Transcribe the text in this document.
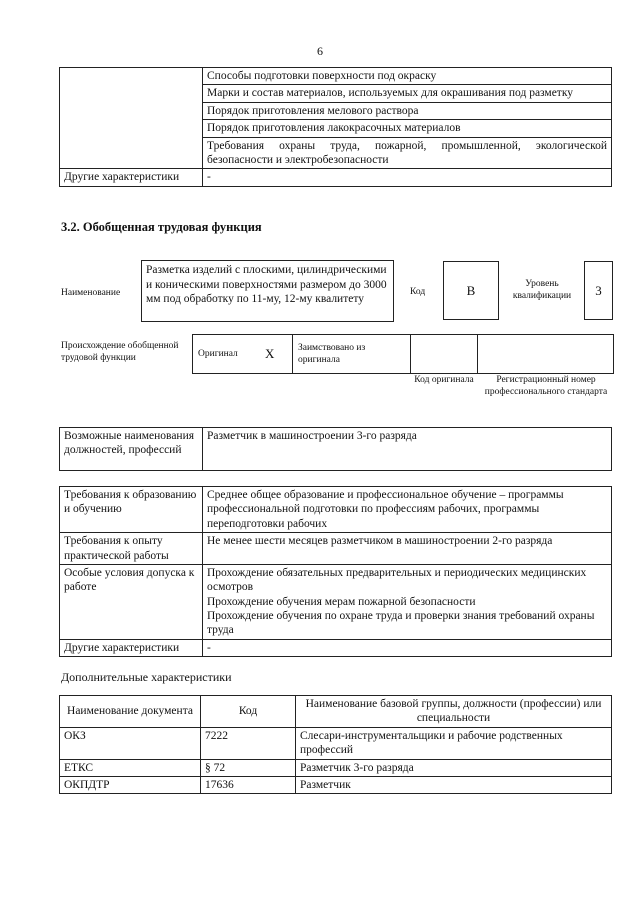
6
	Способы подготовки поверхности под окраску
	Марки и состав материалов, используемых для окрашивания под разметку
	Порядок приготовления мелового раствора
	Порядок приготовления лакокрасочных материалов
	Требования охраны труда, пожарной, промышленной, экологической безопасности и электробезопасности
Другие характеристики	-
3.2. Обобщенная трудовая функция
Наименование
Разметка изделий с плоскими, цилиндрическими и коническими поверхностями размером до 3000 мм под обработку по 11-му, 12-му квалитету
Код	В	Уровень квалификации	3
Происхождение обобщенной трудовой функции	Оригинал Х Заимствовано из оригинала
Код оригинала	Регистрационный номер профессионального стандарта
Возможные наименования должностей, профессий	Разметчик в машиностроении 3-го разряда
Требования к образованию и обучению	Среднее общее образование и профессиональное обучение – программы профессиональной подготовки по профессиям рабочих, программы переподготовки рабочих
Требования к опыту практической работы	Не менее шести месяцев разметчиком в машиностроении 2-го разряда
Особые условия допуска к работе	Прохождение обязательных предварительных и периодических медицинских осмотров
Прохождение обучения мерам пожарной безопасности
Прохождение обучения по охране труда и проверки знания требований охраны труда

Другие характеристики	-
Дополнительные характеристики
Наименование документа	Код	Наименование базовой группы, должности (профессии) или специальности
ОКЗ	7222	Слесари-инструментальщики и рабочие родственных профессий
ЕТКС	§ 72	Разметчик 3-го разряда
ОКПДТР	17636	Разметчик
